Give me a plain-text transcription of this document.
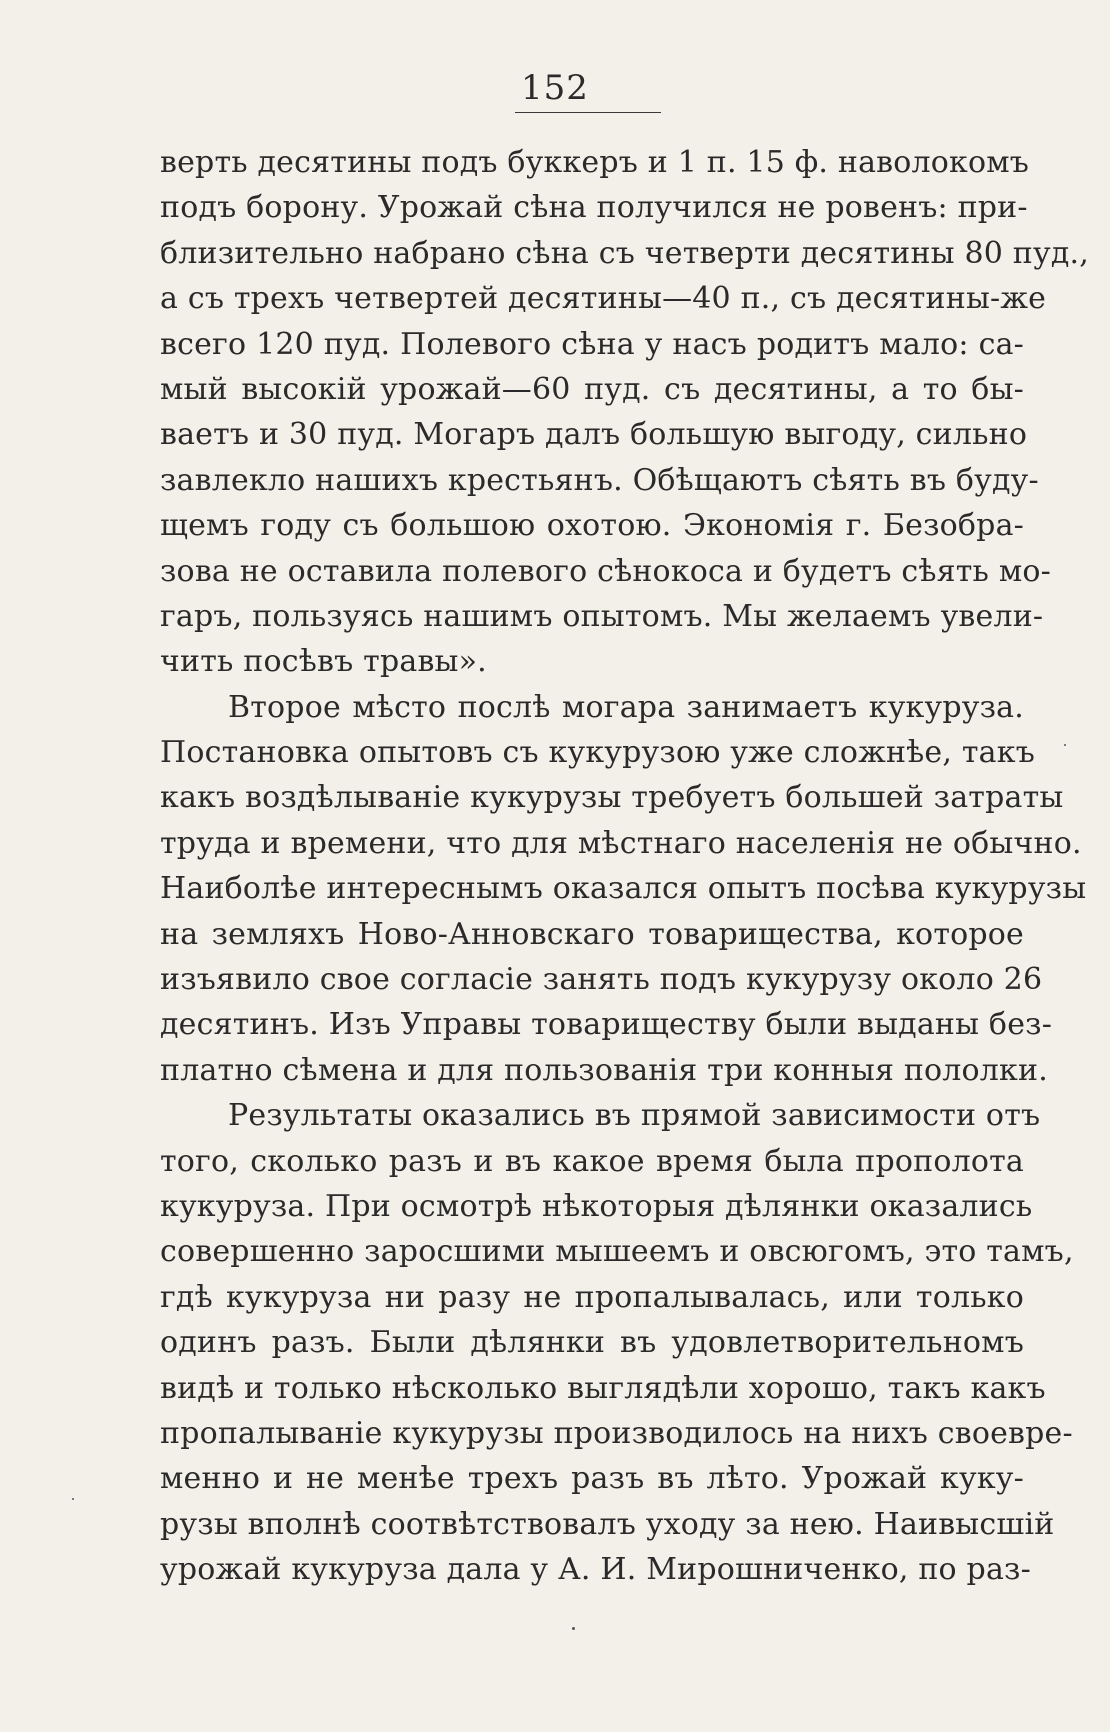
152
верть десятины подъ буккеръ и 1 п. 15 ф. наволокомъ
подъ борону. Урожай сѣна получился не ровенъ: при-
близительно набрано сѣна съ четверти десятины 80 пуд.,
а съ трехъ четвертей десятины—40 п., съ десятины-же
всего 120 пуд. Полевого сѣна у насъ родитъ мало: са-
мый высокій урожай—60 пуд. съ десятины, а то бы-
ваетъ и 30 пуд. Могаръ далъ большую выгоду, сильно
завлекло нашихъ крестьянъ. Обѣщаютъ сѣять въ буду-
щемъ году съ большою охотою. Экономія г. Безобра-
зова не оставила полевого сѣнокоса и будетъ сѣять мо-
гаръ, пользуясь нашимъ опытомъ. Мы желаемъ увели-
чить посѣвъ травы».
Второе мѣсто послѣ могара занимаетъ кукуруза.
Постановка опытовъ съ кукурузою уже сложнѣе, такъ
какъ воздѣлываніе кукурузы требуетъ большей затраты
труда и времени, что для мѣстнаго населенія не обычно.
Наиболѣе интереснымъ оказался опытъ посѣва кукурузы
на земляхъ Ново-Анновскаго товарищества, которое
изъявило свое согласіе занять подъ кукурузу около 26
десятинъ. Изъ Управы товариществу были выданы без-
платно сѣмена и для пользованія три конныя пололки.
Результаты оказались въ прямой зависимости отъ
того, сколько разъ и въ какое время была прополота
кукуруза. При осмотрѣ нѣкоторыя дѣлянки оказались
совершенно заросшими мышеемъ и овсюгомъ, это тамъ,
гдѣ кукуруза ни разу не пропалывалась, или только
одинъ разъ. Были дѣлянки въ удовлетворительномъ
видѣ и только нѣсколько выглядѣли хорошо, такъ какъ
пропалываніе кукурузы производилось на нихъ своевре-
менно и не менѣе трехъ разъ въ лѣто. Урожай куку-
рузы вполнѣ соотвѣтствовалъ уходу за нею. Наивысшій
урожай кукуруза дала у А. И. Мирошниченко, по раз-
